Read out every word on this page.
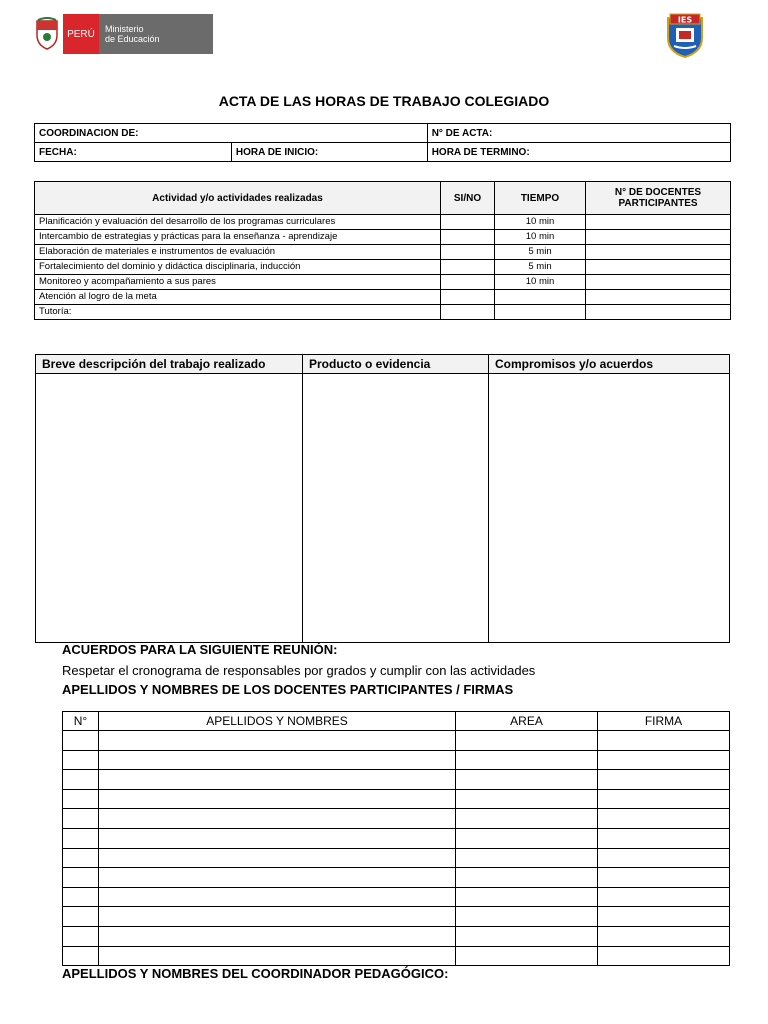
PERÚ	Ministerio
de Educación
IES
ACTA DE LAS HORAS DE TRABAJO COLEGIADO
COORDINACION DE:		N° DE ACTA:
FECHA:	HORA DE INICIO:	HORA DE TERMINO:
Actividad y/o actividades realizadas	SI/NO	TIEMPO	N° DE DOCENTES PARTICIPANTES
Planificación y evaluación del desarrollo de los programas curriculares		10 min	
Intercambio de estrategias y prácticas para la enseñanza - aprendizaje		10 min	
Elaboración de materiales e instrumentos de evaluación		5 min	
Fortalecimiento del dominio y didáctica disciplinaria, inducción		5 min	
Monitoreo y acompañamiento a sus pares		10 min	
Atención al logro de la meta			
Tutoría:			
Breve descripción del trabajo realizado	Producto o evidencia	Compromisos y/o acuerdos

ACUERDOS PARA LA SIGUIENTE REUNIÓN:
Respetar el cronograma de responsables por grados y cumplir con las actividades
APELLIDOS Y NOMBRES DE LOS DOCENTES PARTICIPANTES / FIRMAS
N°	APELLIDOS Y NOMBRES	AREA	FIRMA

APELLIDOS Y NOMBRES DEL COORDINADOR PEDAGÓGICO:
